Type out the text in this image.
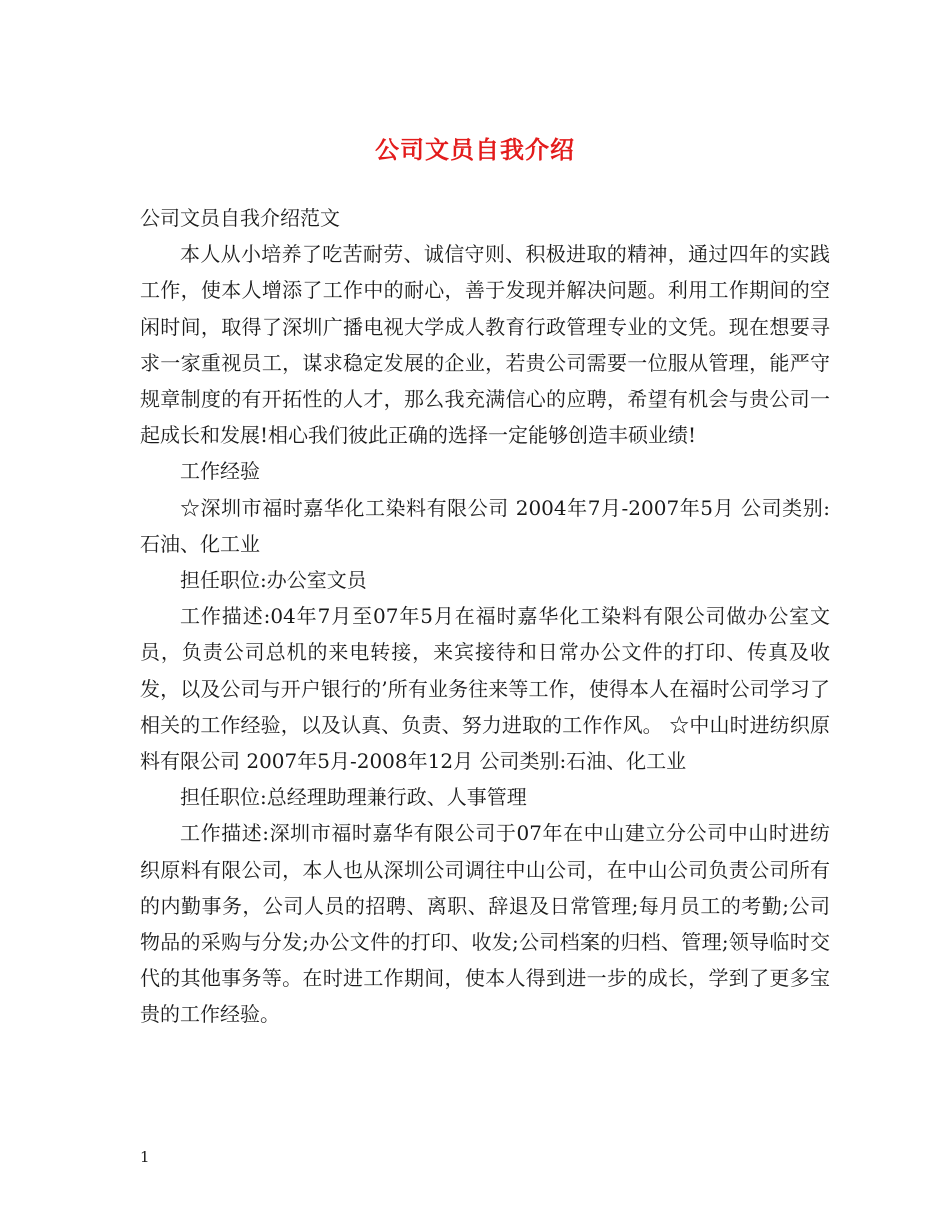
公司文员自我介绍

公司文员自我介绍范文

本人从小培养了吃苦耐劳、诚信守则、积极进取的精神，通过四年的实践工作，使本人增添了工作中的耐心，善于发现并解决问题。利用工作期间的空闲时间，取得了深圳广播电视大学成人教育行政管理专业的文凭。现在想要寻求一家重视员工，谋求稳定发展的企业，若贵公司需要一位服从管理，能严守规章制度的有开拓性的人才，那么我充满信心的应聘，希望有机会与贵公司一起成长和发展!相心我们彼此正确的选择一定能够创造丰硕业绩!

工作经验

☆深圳市福时嘉华化工染料有限公司 2004年7月-2007年5月 公司类别:石油、化工业

担任职位:办公室文员

工作描述:04年7月至07年5月在福时嘉华化工染料有限公司做办公室文员，负责公司总机的来电转接，来宾接待和日常办公文件的打印、传真及收发，以及公司与开户银行的’所有业务往来等工作，使得本人在福时公司学习了相关的工作经验，以及认真、负责、努力进取的工作作风。 ☆中山时进纺织原料有限公司 2007年5月-2008年12月 公司类别:石油、化工业

担任职位:总经理助理兼行政、人事管理

工作描述:深圳市福时嘉华有限公司于07年在中山建立分公司中山时进纺织原料有限公司，本人也从深圳公司调往中山公司，在中山公司负责公司所有的内勤事务，公司人员的招聘、离职、辞退及日常管理;每月员工的考勤;公司物品的采购与分发;办公文件的打印、收发;公司档案的归档、管理;领导临时交代的其他事务等。在时进工作期间，使本人得到进一步的成长，学到了更多宝贵的工作经验。

1
